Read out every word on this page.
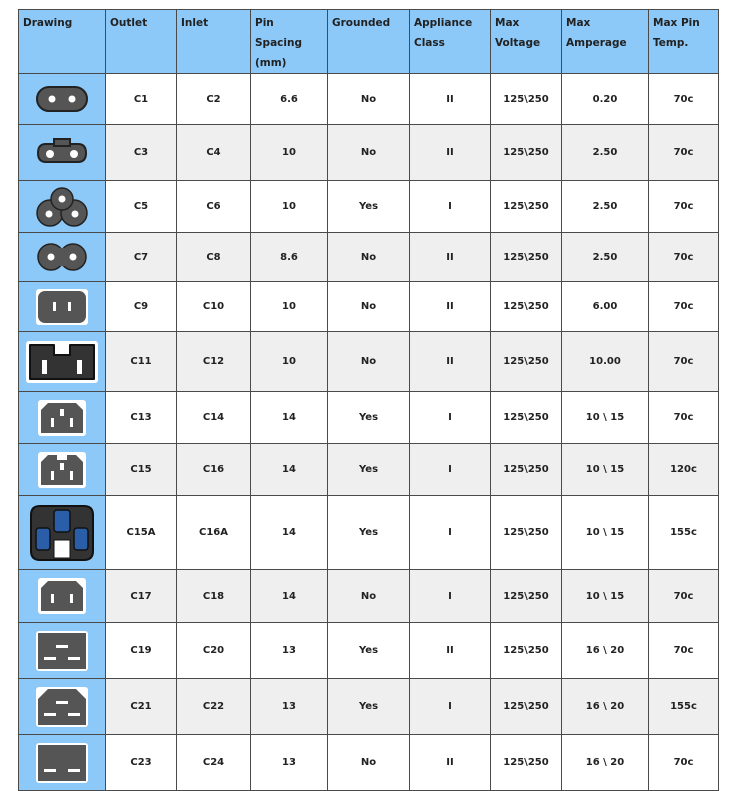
Drawing	Outlet	Inlet	Pin Spacing (mm)	Grounded	Appliance Class	Max Voltage	Max Amperage	Max Pin Temp.

	C1	C2	6.6	No	II	125\250	0.20	70c

	C3	C4	10	No	II	125\250	2.50	70c

	C5	C6	10	Yes	I	125\250	2.50	70c

	C7	C8	8.6	No	II	125\250	2.50	70c

	C9	C10	10	No	II	125\250	6.00	70c

	C11	C12	10	No	II	125\250	10.00	70c

	C13	C14	14	Yes	I	125\250	10 \ 15	70c

	C15	C16	14	Yes	I	125\250	10 \ 15	120c

	C15A	C16A	14	Yes	I	125\250	10 \ 15	155c

	C17	C18	14	No	I	125\250	10 \ 15	70c

	C19	C20	13	Yes	II	125\250	16 \ 20	70c

	C21	C22	13	Yes	I	125\250	16 \ 20	155c

	C23	C24	13	No	II	125\250	16 \ 20	70c
